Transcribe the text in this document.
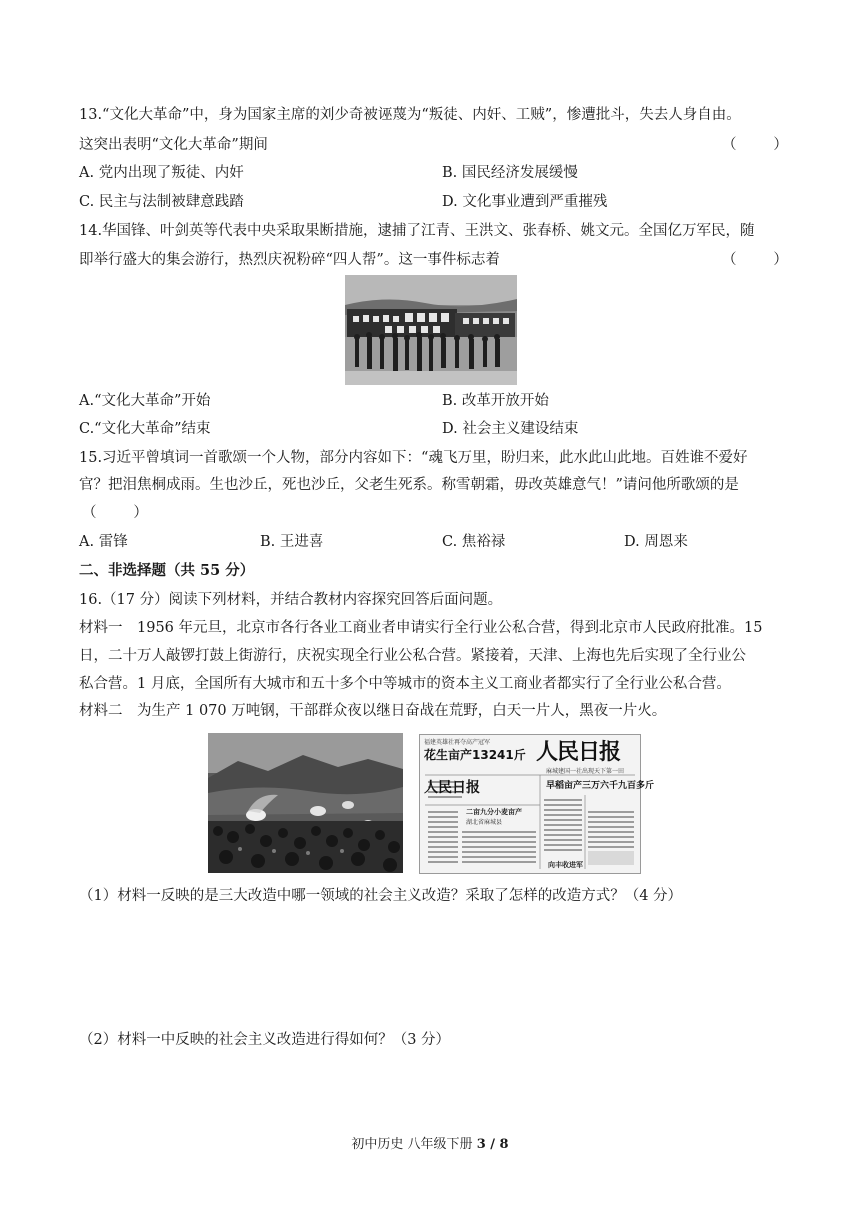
13.“文化大革命”中，身为国家主席的刘少奇被诬蔑为“叛徒、内奸、工贼”，惨遭批斗，失去人身自由。
这突出表明“文化大革命”期间	（        ）
A. 党内出现了叛徒、内奸	B. 国民经济发展缓慢
C. 民主与法制被肆意践踏	D. 文化事业遭到严重摧残
14.华国锋、叶剑英等代表中央采取果断措施，逮捕了江青、王洪文、张春桥、姚文元。全国亿万军民，随
即举行盛大的集会游行，热烈庆祝粉碎“四人帮”。这一事件标志着	（        ）
A.“文化大革命”开始	B. 改革开放开始
C.“文化大革命”结束	D. 社会主义建设结束
15.习近平曾填词一首歌颂一个人物，部分内容如下：“魂飞万里，盼归来，此水此山此地。百姓谁不爱好
官？把泪焦桐成雨。生也沙丘，死也沙丘，父老生死系。称雪朝霜，毋改英雄意气！”请问他所歌颂的是
（        ）
A. 雷锋	B. 王进喜	C. 焦裕禄	D. 周恩来
二、非选择题（共 55 分）
16.（17 分）阅读下列材料，并结合教材内容探究回答后面问题。
材料一　1956 年元旦，北京市各行各业工商业者申请实行全行业公私合营，得到北京市人民政府批准。15
日，二十万人敲锣打鼓上街游行，庆祝实现全行业公私合营。紧接着，天津、上海也先后实现了全行业公
私合营。1 月底，全国所有大城市和五十多个中等城市的资本主义工商业者都实行了全行业公私合营。
材料二　为生产 1 070 万吨钢，干部群众夜以继日奋战在荒野，白天一片人，黑夜一片火。
福建英雄社再夺高产冠军
花生亩产13241斤 人民日报
麻城建国一社出现天下第一田
早稻亩产三万六千九百多斤
人民日报
二亩九分小麦亩产
湖北省麻城县
向丰收进军
（1）材料一反映的是三大改造中哪一领域的社会主义改造？采取了怎样的改造方式？（4 分）
（2）材料一中反映的社会主义改造进行得如何？（3 分）
初中历史 八年级下册 3 / 8
